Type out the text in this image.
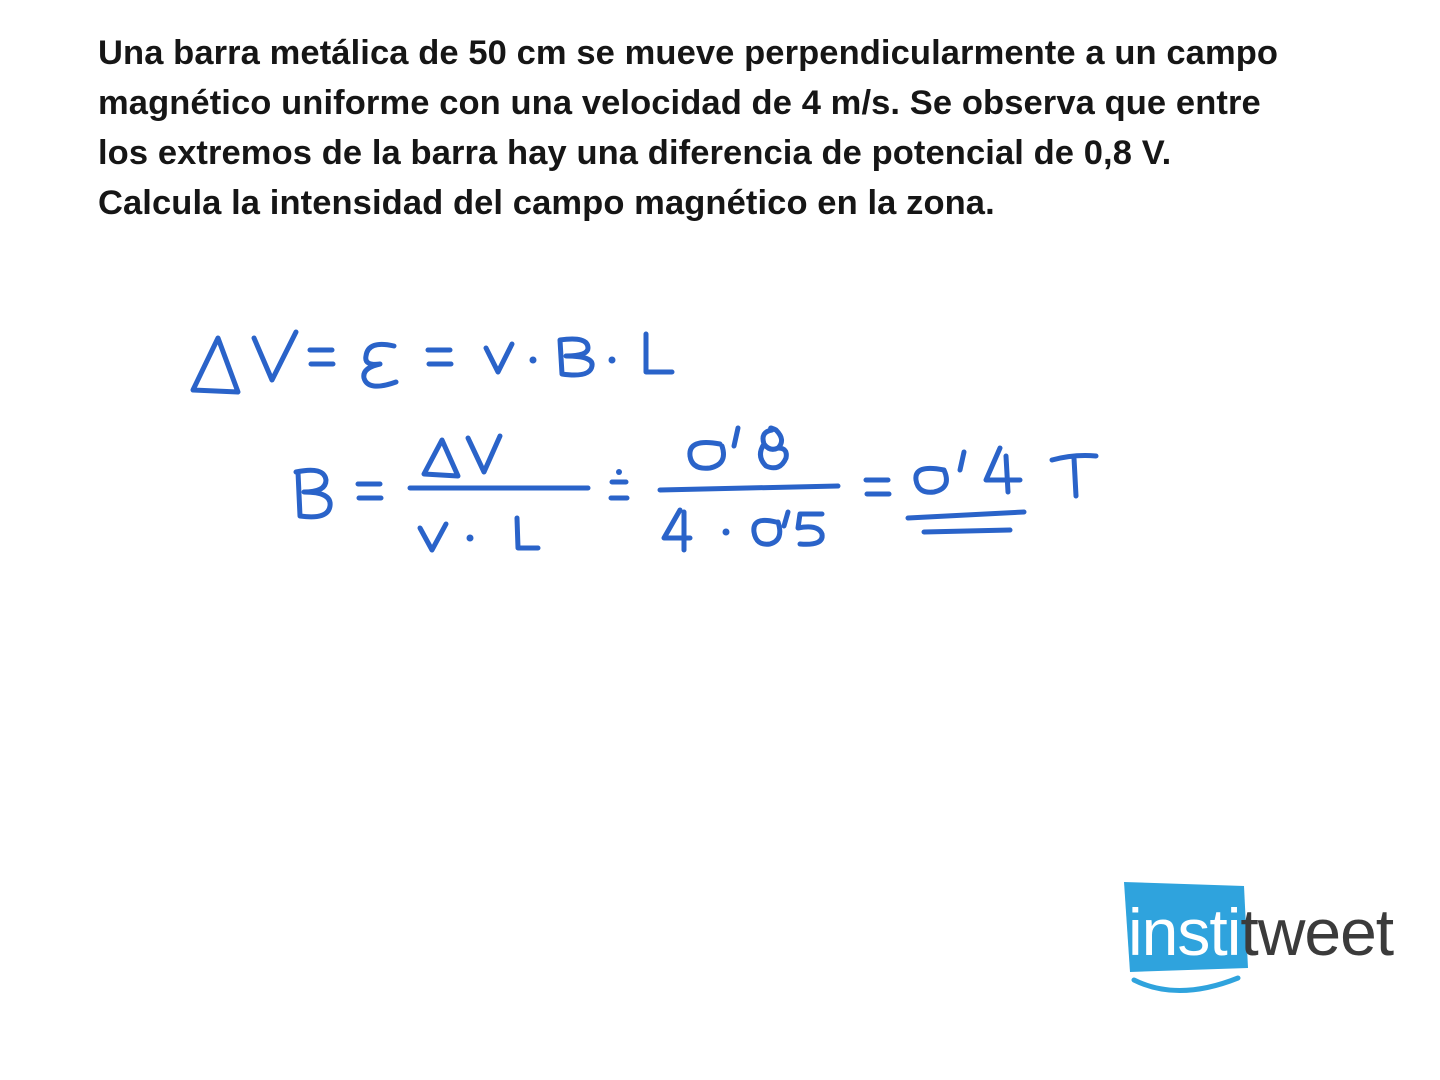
Una barra metálica de 50 cm se mueve perpendicularmente a un campo
magnético uniforme con una velocidad de 4 m/s. Se observa que entre
los extremos de la barra hay una diferencia de potencial de 0,8 V.
Calcula la intensidad del campo magnético en la zona.
institweet
